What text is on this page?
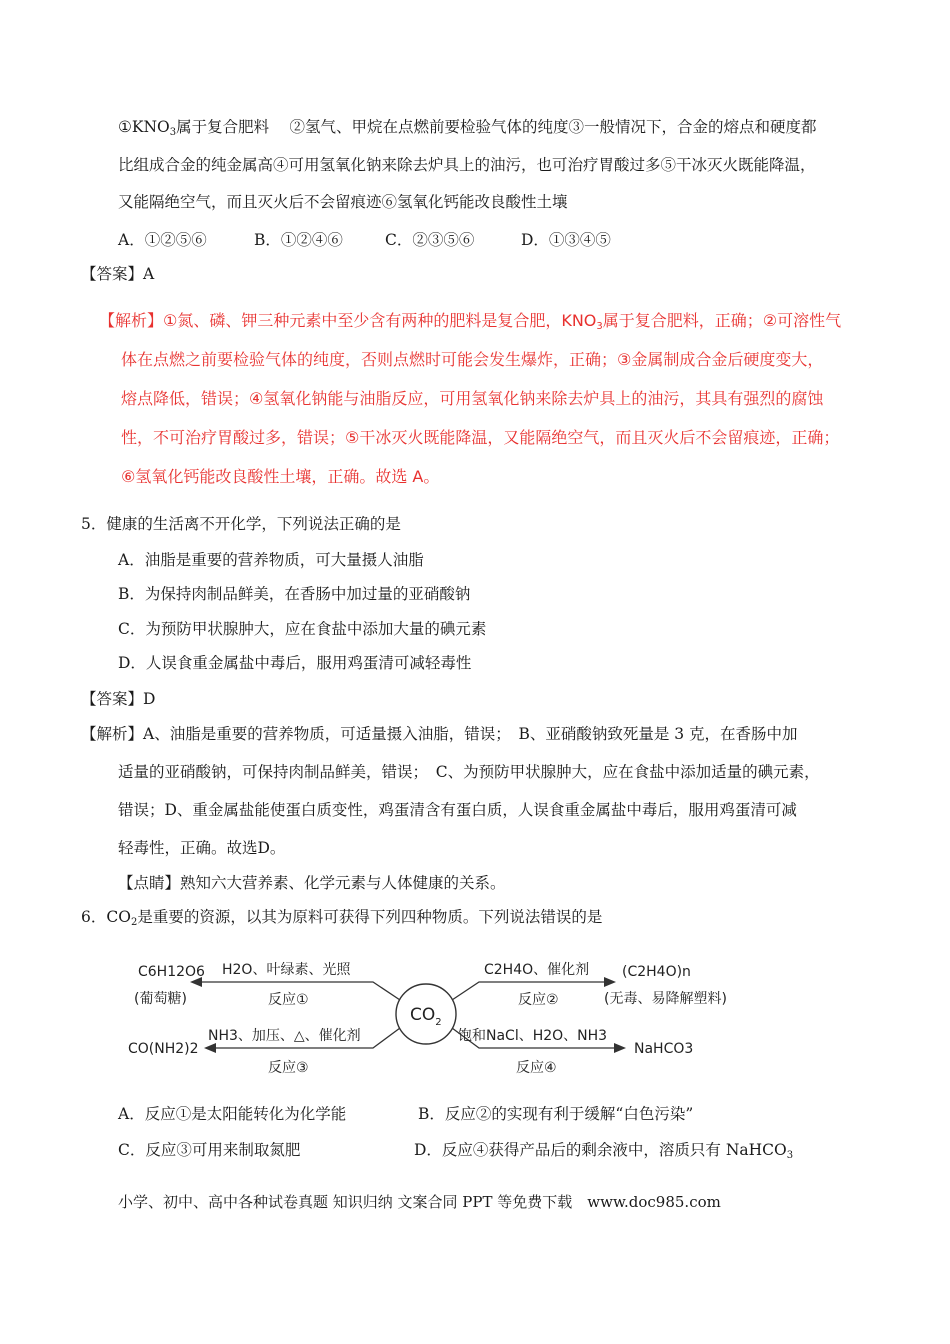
$①KNO_3$属于复合肥料　 ②氢气、甲烷在点燃前要检验气体的纯度③一般情况下，合金的熔点和硬度都
比组成合金的纯金属高④可用氢氧化钠来除去炉具上的油污，也可治疗胃酸过多⑤干冰灭火既能降温，
又能隔绝空气，而且灭火后不会留痕迹⑥氢氧化钙能改良酸性土壤
A．①②⑤⑥	B．①②④⑥	C．②③⑤⑥	D．①③④⑤
【答案】A
【解析】①氮、磷、钾三种元素中至少含有两种的肥料是复合肥，$KNO_3$属于复合肥料，正确；②可溶性气
体在点燃之前要检验气体的纯度，否则点燃时可能会发生爆炸，正确；③金属制成合金后硬度变大，
熔点降低，错误；④氢氧化钠能与油脂反应，可用氢氧化钠来除去炉具上的油污，其具有强烈的腐蚀
性，不可治疗胃酸过多，错误；⑤干冰灭火既能降温，又能隔绝空气，而且灭火后不会留痕迹，正确；
⑥氢氧化钙能改良酸性土壤，正确。故选 A。
5．健康的生活离不开化学，下列说法正确的是
A．油脂是重要的营养物质，可大量摄人油脂
B．为保持肉制品鲜美，在香肠中加过量的亚硝酸钠
C．为预防甲状腺肿大，应在食盐中添加大量的碘元素
D．人误食重金属盐中毒后，服用鸡蛋清可减轻毒性
【答案】D
【解析】A、油脂是重要的营养物质，可适量摄入油脂，错误；　B、亚硝酸钠致死量是 3 克，在香肠中加
适量的亚硝酸钠，可保持肉制品鲜美，错误；　C、为预防甲状腺肿大，应在食盐中添加适量的碘元素，
错误；D、重金属盐能使蛋白质变性，鸡蛋清含有蛋白质，人误食重金属盐中毒后，服用鸡蛋清可减
轻毒性，正确。故选D。
【点睛】熟知六大营养素、化学元素与人体健康的关系。
6．$CO_2$是重要的资源，以其为原料可获得下列四种物质。下列说法错误的是
$CO_2$
C6H12O6
(葡萄糖)
H2O、叶绿素、光照
反应①
(C2H4O)n
(无毒、易降解塑料)
C2H4O、催化剂
反应②
CO(NH2)2
NH3、加压、△、催化剂
反应③
NaHCO3
饱和NaCl、H2O、NH3
反应④
A．反应①是太阳能转化为化学能	B．反应②的实现有利于缓解“白色污染”
C．反应③可用来制取氮肥	D．反应④获得产品后的剩余液中，溶质只有 NaHCO$_3$
小学、初中、高中各种试卷真题 知识归纳 文案合同 PPT 等免费下载　www.doc985.com
